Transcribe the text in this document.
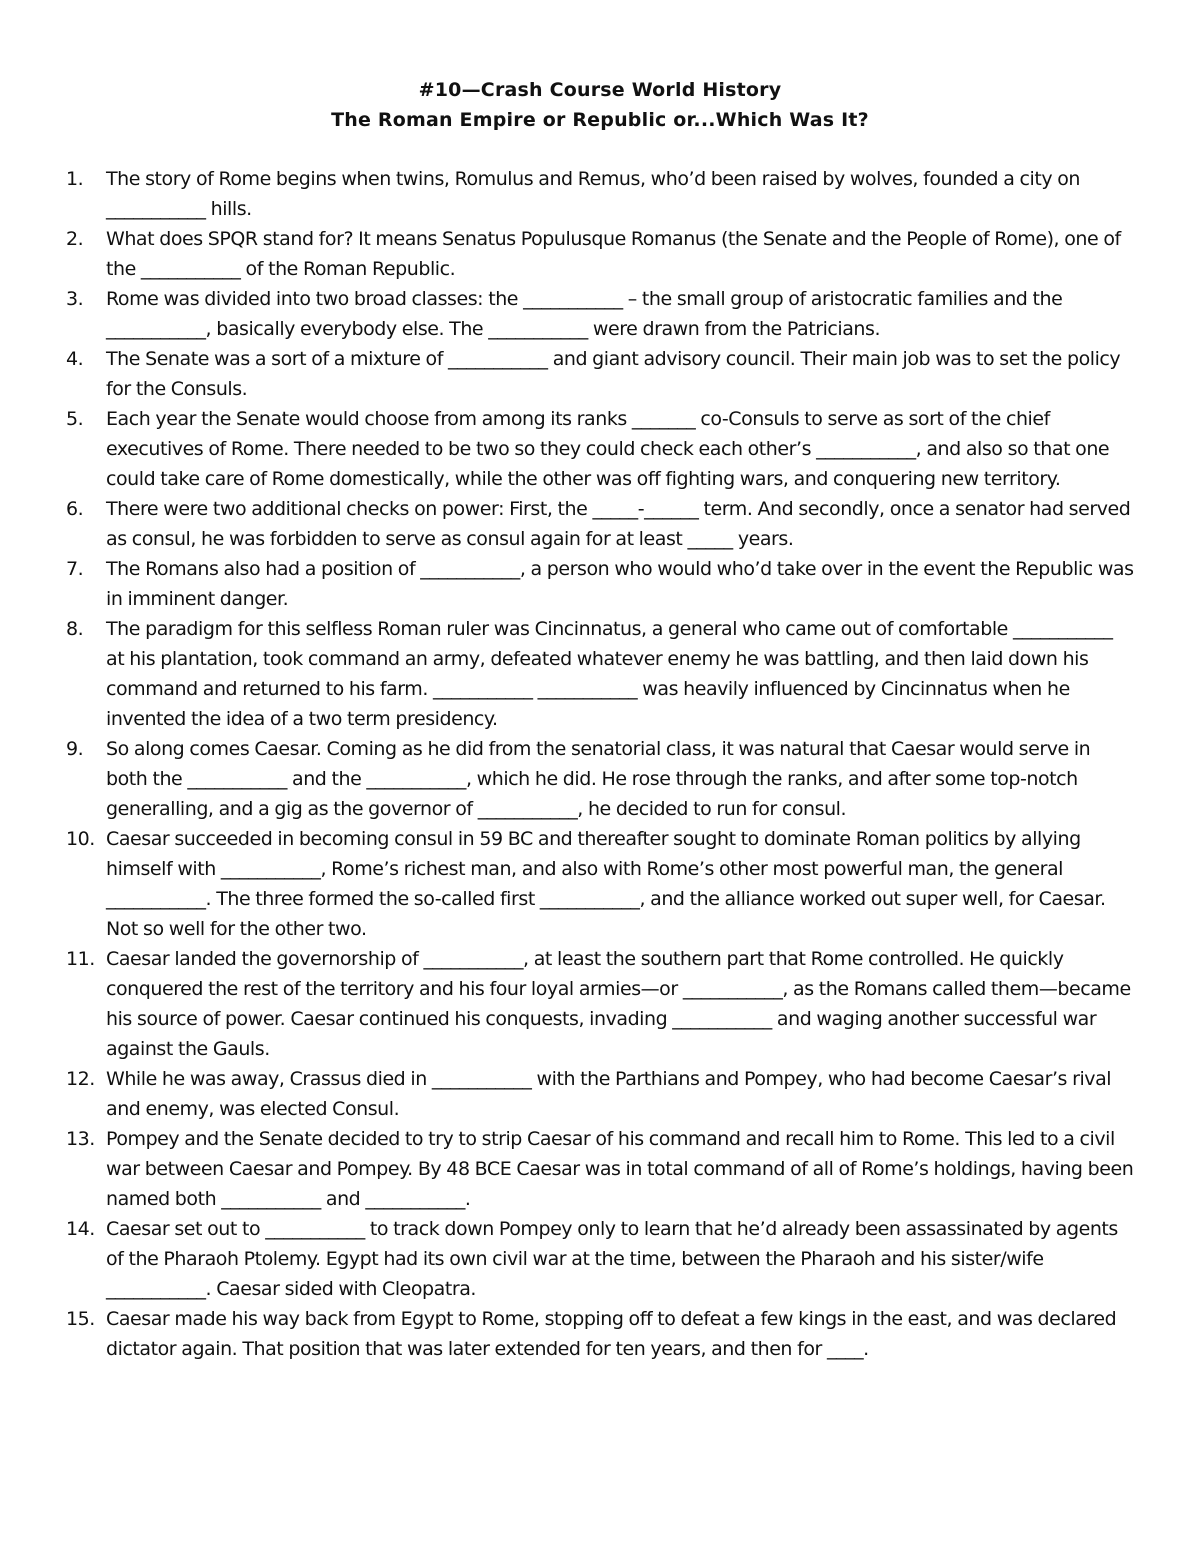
#10—Crash Course World History

The Roman Empire or Republic or...Which Was It?

1.	The story of Rome begins when twins, Romulus and Remus, who’d been raised by wolves, founded a city on ___________ hills.
2.	What does SPQR stand for? It means Senatus Populusque Romanus (the Senate and the People of Rome), one of the ___________ of the Roman Republic.
3.	Rome was divided into two broad classes: the ___________ – the small group of aristocratic families and the ___________, basically everybody else. The ___________ were drawn from the Patricians.
4.	The Senate was a sort of a mixture of ___________ and giant advisory council. Their main job was to set the policy for the Consuls.
5.	Each year the Senate would choose from among its ranks _______ co-Consuls to serve as sort of the chief executives of Rome. There needed to be two so they could check each other’s ___________, and also so that one could take care of Rome domestically, while the other was off fighting wars, and conquering new territory.
6.	There were two additional checks on power: First, the _____-______ term. And secondly, once a senator had served as consul, he was forbidden to serve as consul again for at least _____ years.
7.	The Romans also had a position of ___________, a person who would who’d take over in the event the Republic was in imminent danger.
8.	The paradigm for this selfless Roman ruler was Cincinnatus, a general who came out of comfortable ___________ at his plantation, took command an army, defeated whatever enemy he was battling, and then laid down his command and returned to his farm. ___________ ___________ was heavily influenced by Cincinnatus when he invented the idea of a two term presidency.
9.	So along comes Caesar. Coming as he did from the senatorial class, it was natural that Caesar would serve in both the ___________ and the ___________, which he did. He rose through the ranks, and after some top-notch generalling, and a gig as the governor of ___________, he decided to run for consul.
10. Caesar succeeded in becoming consul in 59 BC and thereafter sought to dominate Roman politics by allying himself with ___________, Rome’s richest man, and also with Rome’s other most powerful man, the general ___________. The three formed the so-called first ___________, and the alliance worked out super well, for Caesar. Not so well for the other two.
11. Caesar landed the governorship of ___________, at least the southern part that Rome controlled. He quickly conquered the rest of the territory and his four loyal armies—or ___________, as the Romans called them—became his source of power. Caesar continued his conquests, invading ___________ and waging another successful war against the Gauls.
12. While he was away, Crassus died in ___________ with the Parthians and Pompey, who had become Caesar’s rival and enemy, was elected Consul.
13. Pompey and the Senate decided to try to strip Caesar of his command and recall him to Rome. This led to a civil war between Caesar and Pompey. By 48 BCE Caesar was in total command of all of Rome’s holdings, having been named both ___________ and ___________.
14. Caesar set out to ___________ to track down Pompey only to learn that he’d already been assassinated by agents of the Pharaoh Ptolemy. Egypt had its own civil war at the time, between the Pharaoh and his sister/wife ___________. Caesar sided with Cleopatra.
15. Caesar made his way back from Egypt to Rome, stopping off to defeat a few kings in the east, and was declared dictator again. That position that was later extended for ten years, and then for ____.
